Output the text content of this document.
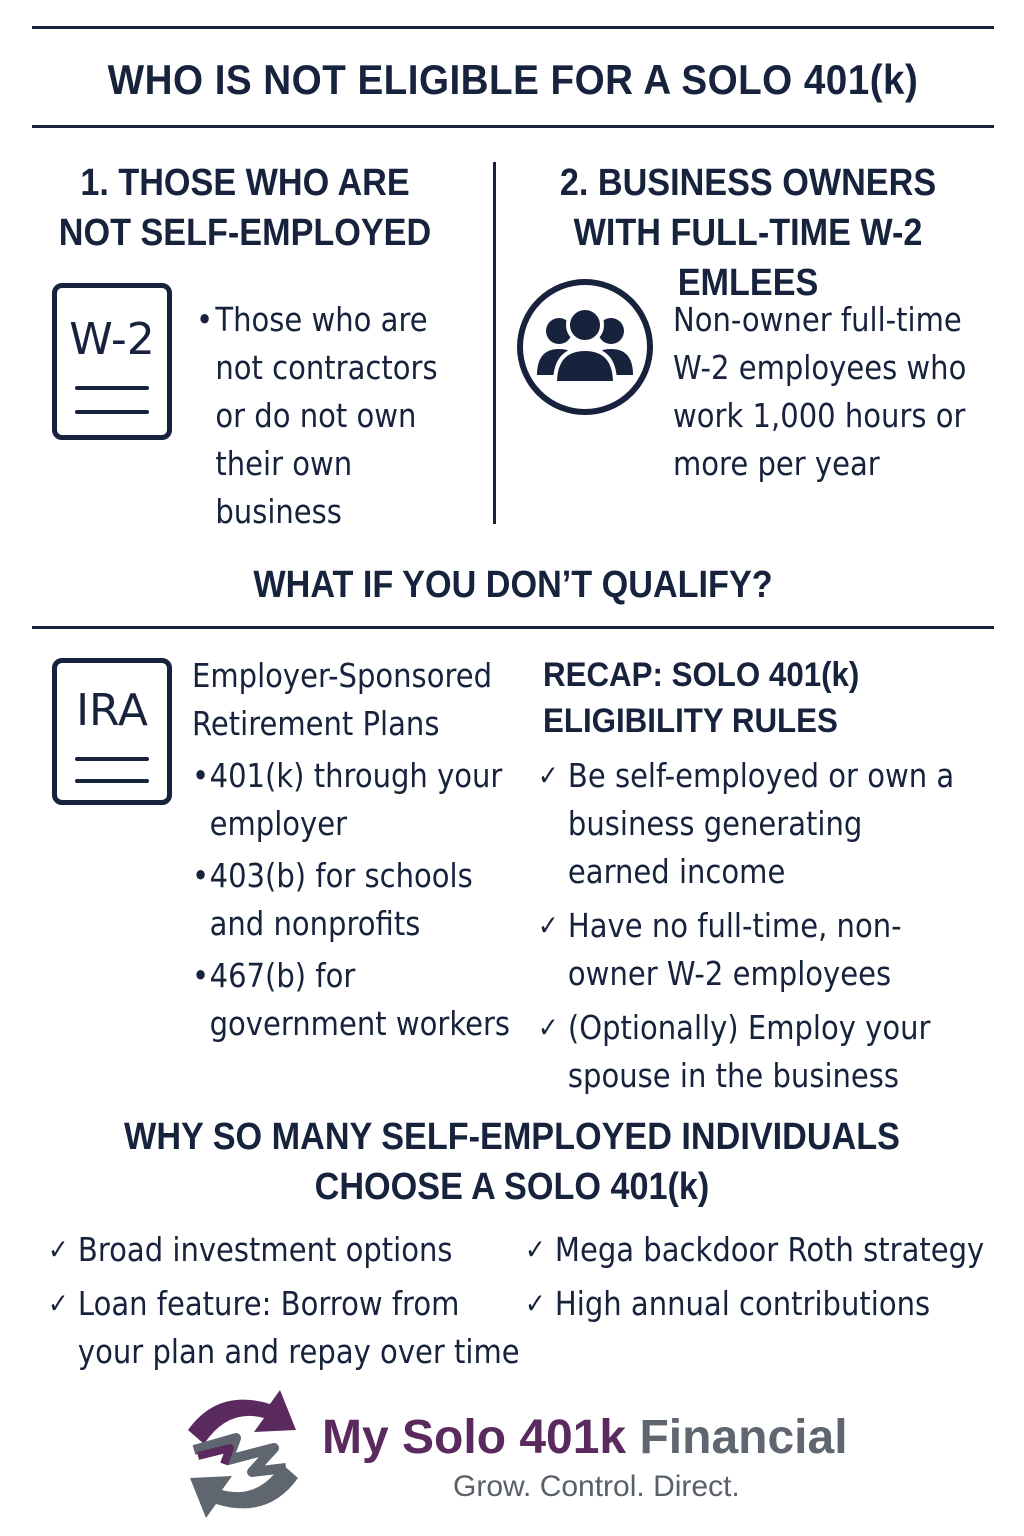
WHO IS NOT ELIGIBLE FOR A SOLO 401(k)
1. THOSE WHO ARE
NOT SELF-EMPLOYED
W-2	• Those who are not contractors or do not own their own business
2. BUSINESS OWNERS
WITH FULL-TIME W-2 EMLEES
Non-owner full-time W-2 employees who work 1,000 hours or more per year
WHAT IF YOU DON’T QUALIFY?
IRA
Employer-Sponsored
Retirement Plans
• 401(k) through your employer
• 403(b) for schools and nonprofits
• 467(b) for government workers
RECAP: SOLO 401(k)
ELIGIBILITY RULES
✓ Be self-employed or own a business generating earned income
✓ Have no full-time, non-owner W-2 employees
✓ (Optionally) Employ your spouse in the business
WHY SO MANY SELF-EMPLOYED INDIVIDUALS
CHOOSE A SOLO 401(k)
✓ Broad investment options
✓ Loan feature: Borrow from your plan and repay over time
✓ Mega backdoor Roth strategy
✓ High annual contributions
My Solo 401k Financial
Grow. Control. Direct.
